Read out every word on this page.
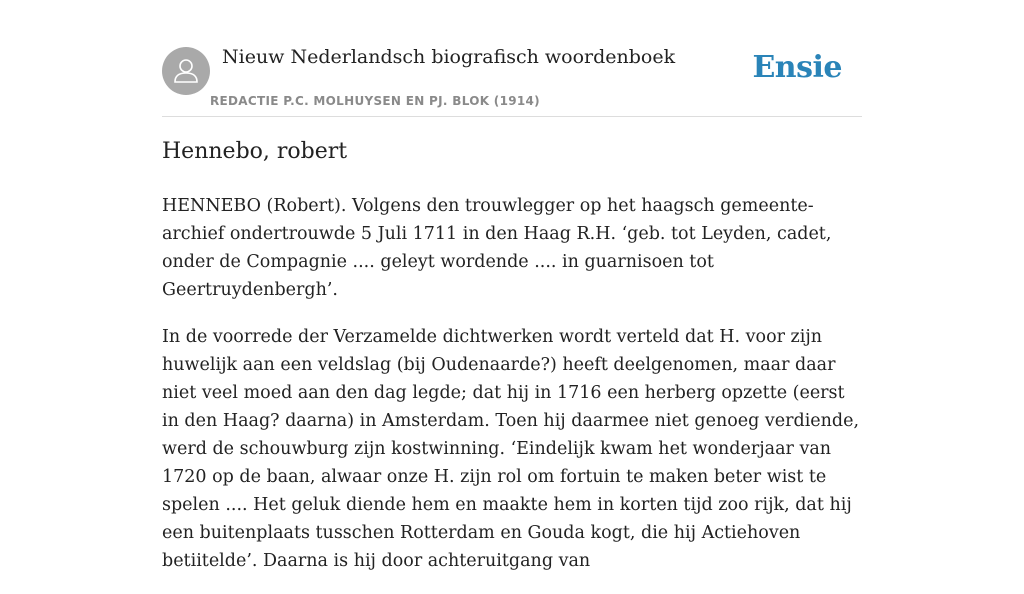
Nieuw Nederlandsch biografisch woordenboek
REDACTIE P.C. MOLHUYSEN EN PJ. BLOK (1914)
Ensie
Hennebo, robert

HENNEBO (Robert). Volgens den trouwlegger op het haagsch gemeente-archief ondertrouwde 5 Juli 1711 in den Haag R.H. ‘geb. tot Leyden, cadet, onder de Compagnie .... geleyt wordende .... in guarnisoen tot Geertruydenbergh’.

In de voorrede der Verzamelde dichtwerken wordt verteld dat H. voor zijn huwelijk aan een veldslag (bij Oudenaarde?) heeft deelgenomen, maar daar niet veel moed aan den dag legde; dat hij in 1716 een herberg opzette (eerst in den Haag? daarna) in Amsterdam. Toen hij daarmee niet genoeg verdiende, werd de schouwburg zijn kostwinning. ‘Eindelijk kwam het wonderjaar van 1720 op de baan, alwaar onze H. zijn rol om fortuin te maken beter wist te spelen .... Het geluk diende hem en maakte hem in korten tijd zoo rijk, dat hij een buitenplaats tusschen Rotterdam en Gouda kogt, die hij Actiehoven betiitelde’. Daarna is hij door achteruitgang van
